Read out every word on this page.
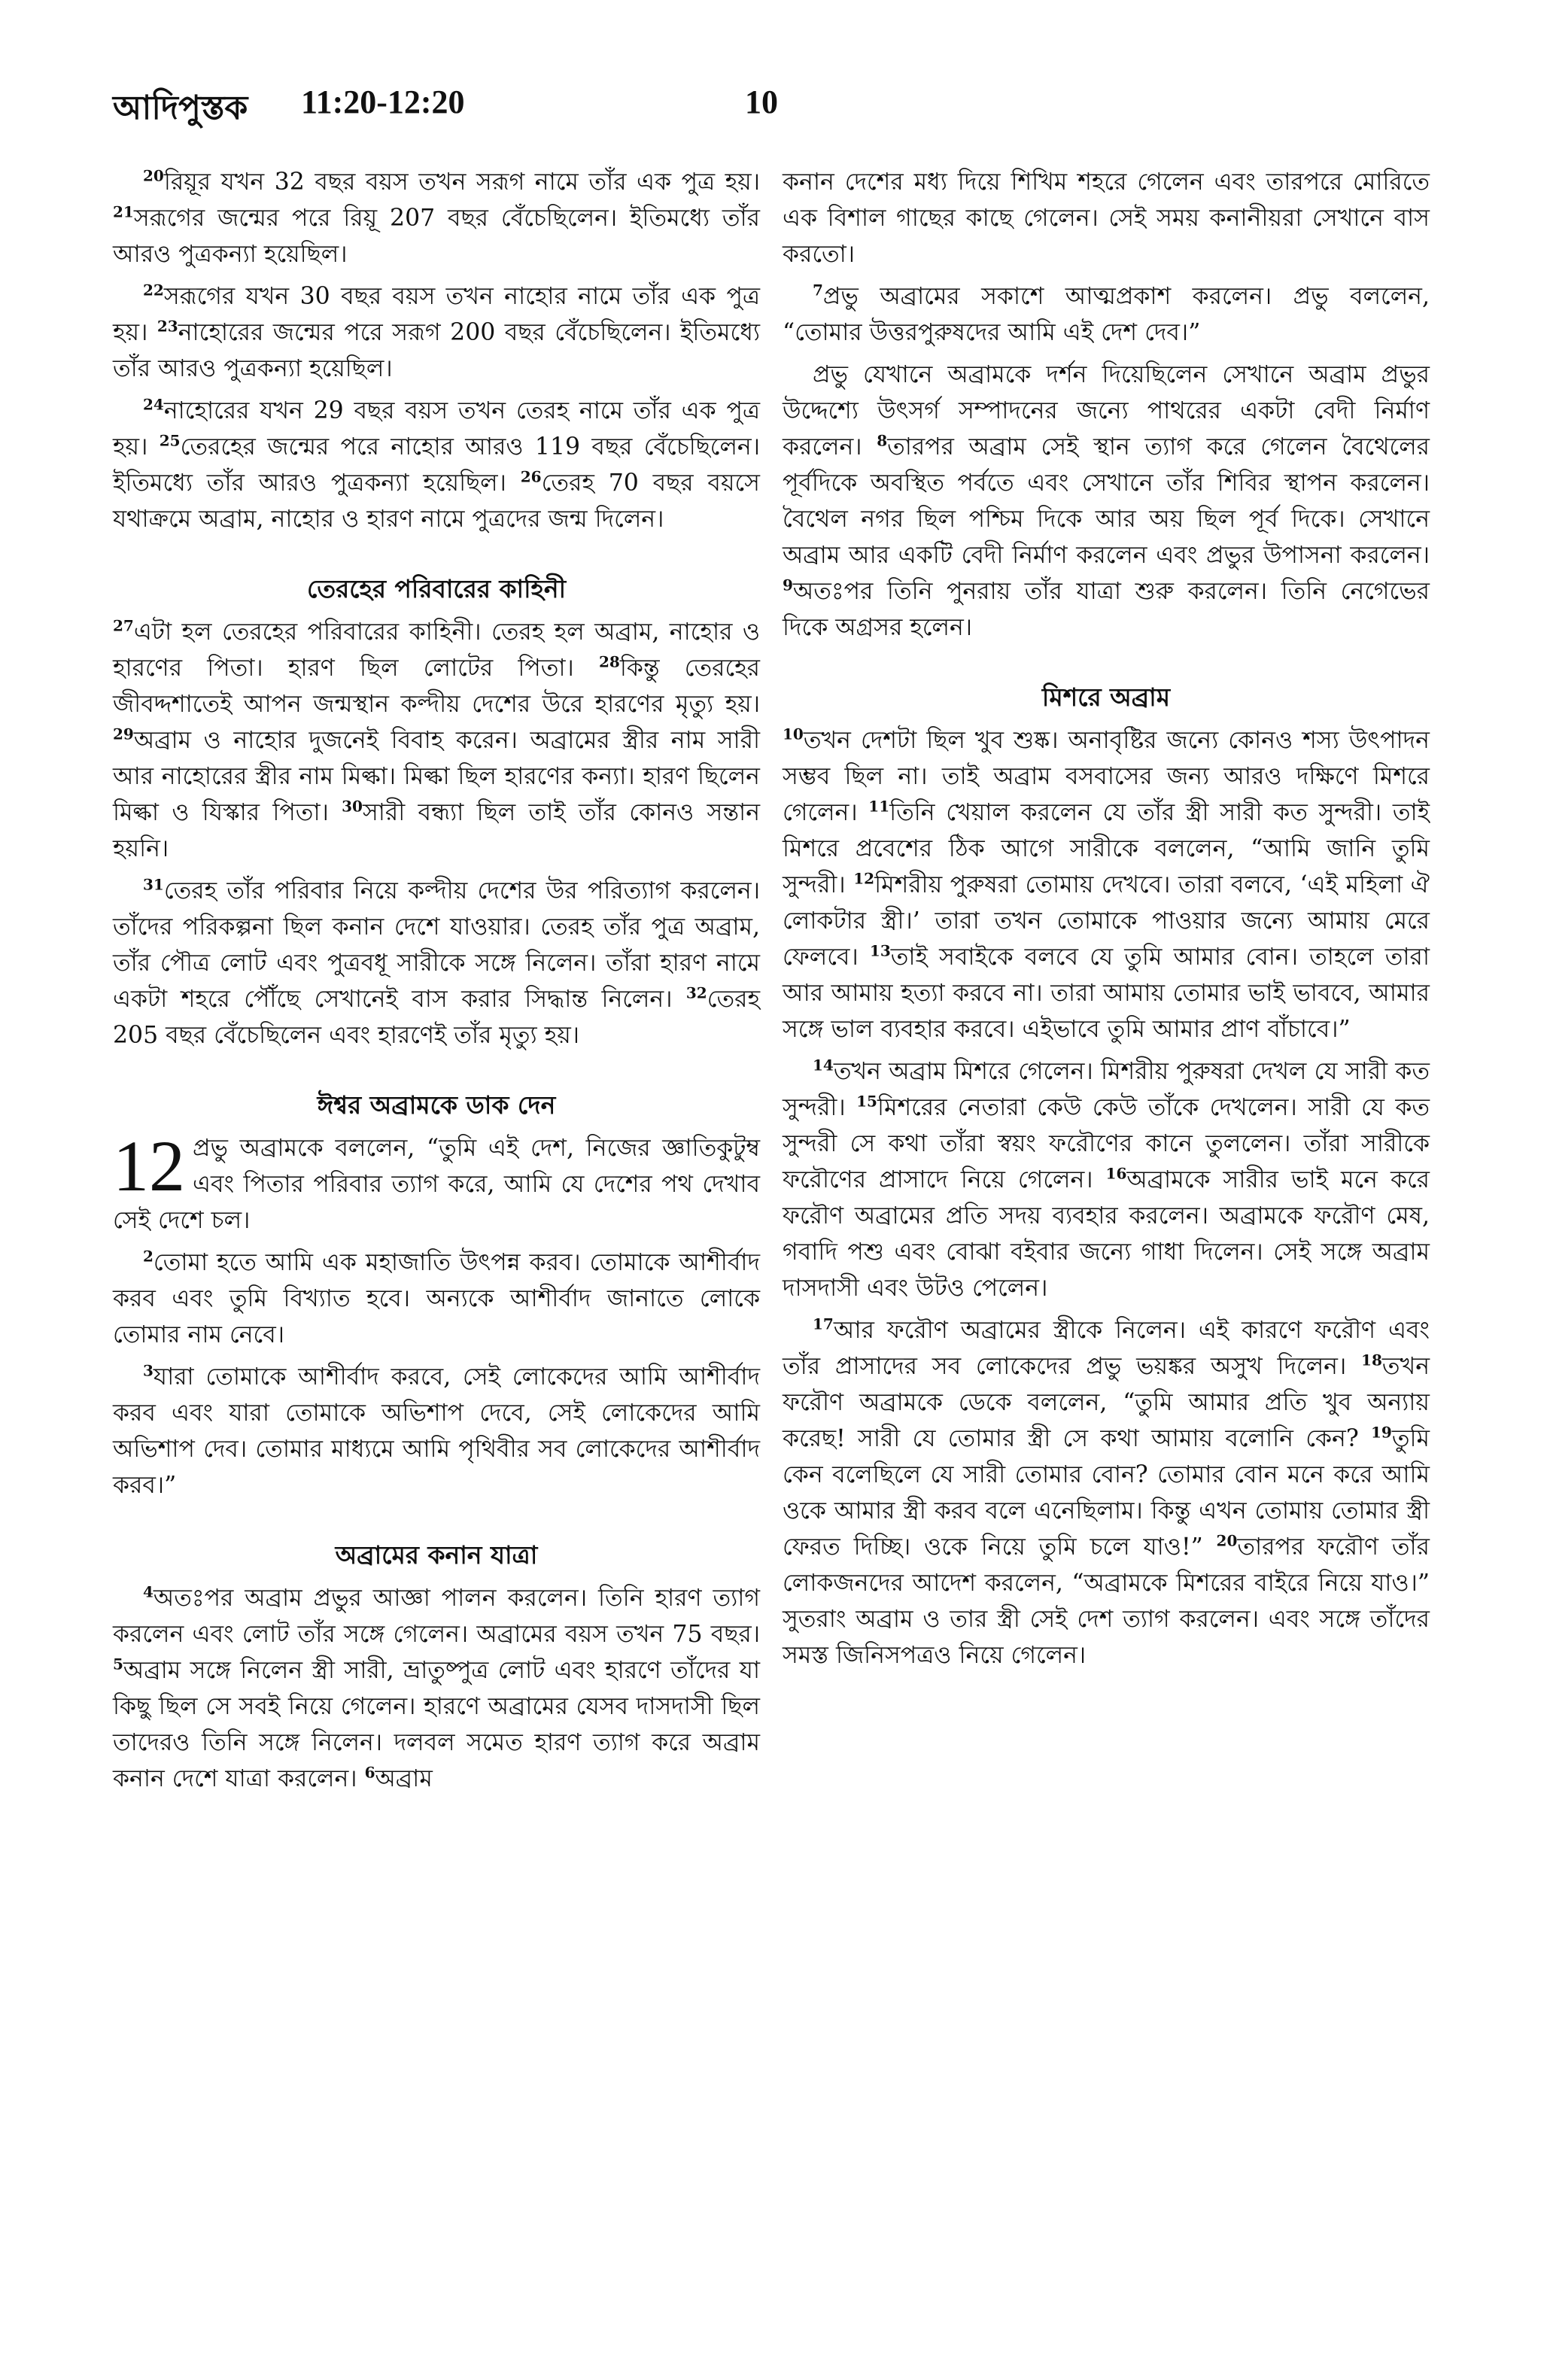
আদিপুস্তক 11:20-12:20	10

$^{20}$রিয়ূর যখন 32 বছর বয়স তখন সরূগ নামে তাঁর এক পুত্র হয়। $^{21}$সরূগের জন্মের পরে রিয়ূ 207 বছর বেঁচেছিলেন। ইতিমধ্যে তাঁর আরও পুত্রকন্যা হয়েছিল।

$^{22}$সরূগের যখন 30 বছর বয়স তখন নাহোর নামে তাঁর এক পুত্র হয়। $^{23}$নাহোরের জন্মের পরে সরূগ 200 বছর বেঁচেছিলেন। ইতিমধ্যে তাঁর আরও পুত্রকন্যা হয়েছিল।

$^{24}$নাহোরের যখন 29 বছর বয়স তখন তেরহ নামে তাঁর এক পুত্র হয়। $^{25}$তেরহের জন্মের পরে নাহোর আরও 119 বছর বেঁচেছিলেন। ইতিমধ্যে তাঁর আরও পুত্রকন্যা হয়েছিল। $^{26}$তেরহ 70 বছর বয়সে যথাক্রমে অব্রাম, নাহোর ও হারণ নামে পুত্রদের জন্ম দিলেন।

তেরহের পরিবারের কাহিনী

$^{27}$এটা হল তেরহের পরিবারের কাহিনী। তেরহ হল অব্রাম, নাহোর ও হারণের পিতা। হারণ ছিল লোটের পিতা। $^{28}$কিন্তু তেরহের জীবদ্দশাতেই আপন জন্মস্থান কল্দীয় দেশের উরে হারণের মৃত্যু হয়। $^{29}$অব্রাম ও নাহোর দুজনেই বিবাহ করেন। অব্রামের স্ত্রীর নাম সারী আর নাহোরের স্ত্রীর নাম মিল্কা। মিল্কা ছিল হারণের কন্যা। হারণ ছিলেন মিল্কা ও যিস্কার পিতা। $^{30}$সারী বন্ধ্যা ছিল তাই তাঁর কোনও সন্তান হয়নি।

$^{31}$তেরহ তাঁর পরিবার নিয়ে কল্দীয় দেশের উর পরিত্যাগ করলেন। তাঁদের পরিকল্পনা ছিল কনান দেশে যাওয়ার। তেরহ তাঁর পুত্র অব্রাম, তাঁর পৌত্র লোট এবং পুত্রবধূ সারীকে সঙ্গে নিলেন। তাঁরা হারণ নামে একটা শহরে পৌঁছে সেখানেই বাস করার সিদ্ধান্ত নিলেন। $^{32}$তেরহ 205 বছর বেঁচেছিলেন এবং হারণেই তাঁর মৃত্যু হয়।

ঈশ্বর অব্রামকে ডাক দেন

12 প্রভু অব্রামকে বললেন, “তুমি এই দেশ, নিজের জ্ঞাতিকুটুম্ব এবং পিতার পরিবার ত্যাগ করে, আমি যে দেশের পথ দেখাব সেই দেশে চল।

$^2$তোমা হতে আমি এক মহাজাতি উৎপন্ন করব। তোমাকে আশীর্বাদ করব এবং তুমি বিখ্যাত হবে। অন্যকে আশীর্বাদ জানাতে লোকে তোমার নাম নেবে।

$^3$যারা তোমাকে আশীর্বাদ করবে, সেই লোকেদের আমি আশীর্বাদ করব এবং যারা তোমাকে অভিশাপ দেবে, সেই লোকেদের আমি অভিশাপ দেব। তোমার মাধ্যমে আমি পৃথিবীর সব লোকেদের আশীর্বাদ করব।”

অব্রামের কনান যাত্রা

$^4$অতঃপর অব্রাম প্রভুর আজ্ঞা পালন করলেন। তিনি হারণ ত্যাগ করলেন এবং লোট তাঁর সঙ্গে গেলেন। অব্রামের বয়স তখন 75 বছর। $^5$অব্রাম সঙ্গে নিলেন স্ত্রী সারী, ভ্রাতুষ্পুত্র লোট এবং হারণে তাঁদের যা কিছু ছিল সে সবই নিয়ে গেলেন। হারণে অব্রামের যেসব দাসদাসী ছিল তাদেরও তিনি সঙ্গে নিলেন। দলবল সমেত হারণ ত্যাগ করে অব্রাম কনান দেশে যাত্রা করলেন। $^6$অব্রাম

কনান দেশের মধ্য দিয়ে শিখিম শহরে গেলেন এবং তারপরে মোরিতে এক বিশাল গাছের কাছে গেলেন। সেই সময় কনানীয়রা সেখানে বাস করতো।

$^7$প্রভু অব্রামের সকাশে আত্মপ্রকাশ করলেন। প্রভু বললেন, “তোমার উত্তরপুরুষদের আমি এই দেশ দেব।”

প্রভু যেখানে অব্রামকে দর্শন দিয়েছিলেন সেখানে অব্রাম প্রভুর উদ্দেশ্যে উৎসর্গ সম্পাদনের জন্যে পাথরের একটা বেদী নির্মাণ করলেন। $^8$তারপর অব্রাম সেই স্থান ত্যাগ করে গেলেন বৈথেলের পূর্বদিকে অবস্থিত পর্বতে এবং সেখানে তাঁর শিবির স্থাপন করলেন। বৈথেল নগর ছিল পশ্চিম দিকে আর অয় ছিল পূর্ব দিকে। সেখানে অব্রাম আর একটি বেদী নির্মাণ করলেন এবং প্রভুর উপাসনা করলেন। $^9$অতঃপর তিনি পুনরায় তাঁর যাত্রা শুরু করলেন। তিনি নেগেভের দিকে অগ্রসর হলেন।

মিশরে অব্রাম

$^{10}$তখন দেশটা ছিল খুব শুষ্ক। অনাবৃষ্টির জন্যে কোনও শস্য উৎপাদন সম্ভব ছিল না। তাই অব্রাম বসবাসের জন্য আরও দক্ষিণে মিশরে গেলেন। $^{11}$তিনি খেয়াল করলেন যে তাঁর স্ত্রী সারী কত সুন্দরী। তাই মিশরে প্রবেশের ঠিক আগে সারীকে বললেন, “আমি জানি তুমি সুন্দরী। $^{12}$মিশরীয় পুরুষরা তোমায় দেখবে। তারা বলবে, ‘এই মহিলা ঐ লোকটার স্ত্রী।’ তারা তখন তোমাকে পাওয়ার জন্যে আমায় মেরে ফেলবে। $^{13}$তাই সবাইকে বলবে যে তুমি আমার বোন। তাহলে তারা আর আমায় হত্যা করবে না। তারা আমায় তোমার ভাই ভাববে, আমার সঙ্গে ভাল ব্যবহার করবে। এইভাবে তুমি আমার প্রাণ বাঁচাবে।”

$^{14}$তখন অব্রাম মিশরে গেলেন। মিশরীয় পুরুষরা দেখল যে সারী কত সুন্দরী। $^{15}$মিশরের নেতারা কেউ কেউ তাঁকে দেখলেন। সারী যে কত সুন্দরী সে কথা তাঁরা স্বয়ং ফরৌণের কানে তুললেন। তাঁরা সারীকে ফরৌণের প্রাসাদে নিয়ে গেলেন। $^{16}$অব্রামকে সারীর ভাই মনে করে ফরৌণ অব্রামের প্রতি সদয় ব্যবহার করলেন। অব্রামকে ফরৌণ মেষ, গবাদি পশু এবং বোঝা বইবার জন্যে গাধা দিলেন। সেই সঙ্গে অব্রাম দাসদাসী এবং উটও পেলেন।

$^{17}$আর ফরৌণ অব্রামের স্ত্রীকে নিলেন। এই কারণে ফরৌণ এবং তাঁর প্রাসাদের সব লোকেদের প্রভু ভয়ঙ্কর অসুখ দিলেন। $^{18}$তখন ফরৌণ অব্রামকে ডেকে বললেন, “তুমি আমার প্রতি খুব অন্যায় করেছ! সারী যে তোমার স্ত্রী সে কথা আমায় বলোনি কেন? $^{19}$তুমি কেন বলেছিলে যে সারী তোমার বোন? তোমার বোন মনে করে আমি ওকে আমার স্ত্রী করব বলে এনেছিলাম। কিন্তু এখন তোমায় তোমার স্ত্রী ফেরত দিচ্ছি। ওকে নিয়ে তুমি চলে যাও!” $^{20}$তারপর ফরৌণ তাঁর লোকজনদের আদেশ করলেন, “অব্রামকে মিশরের বাইরে নিয়ে যাও।” সুতরাং অব্রাম ও তার স্ত্রী সেই দেশ ত্যাগ করলেন। এবং সঙ্গে তাঁদের সমস্ত জিনিসপত্রও নিয়ে গেলেন।
